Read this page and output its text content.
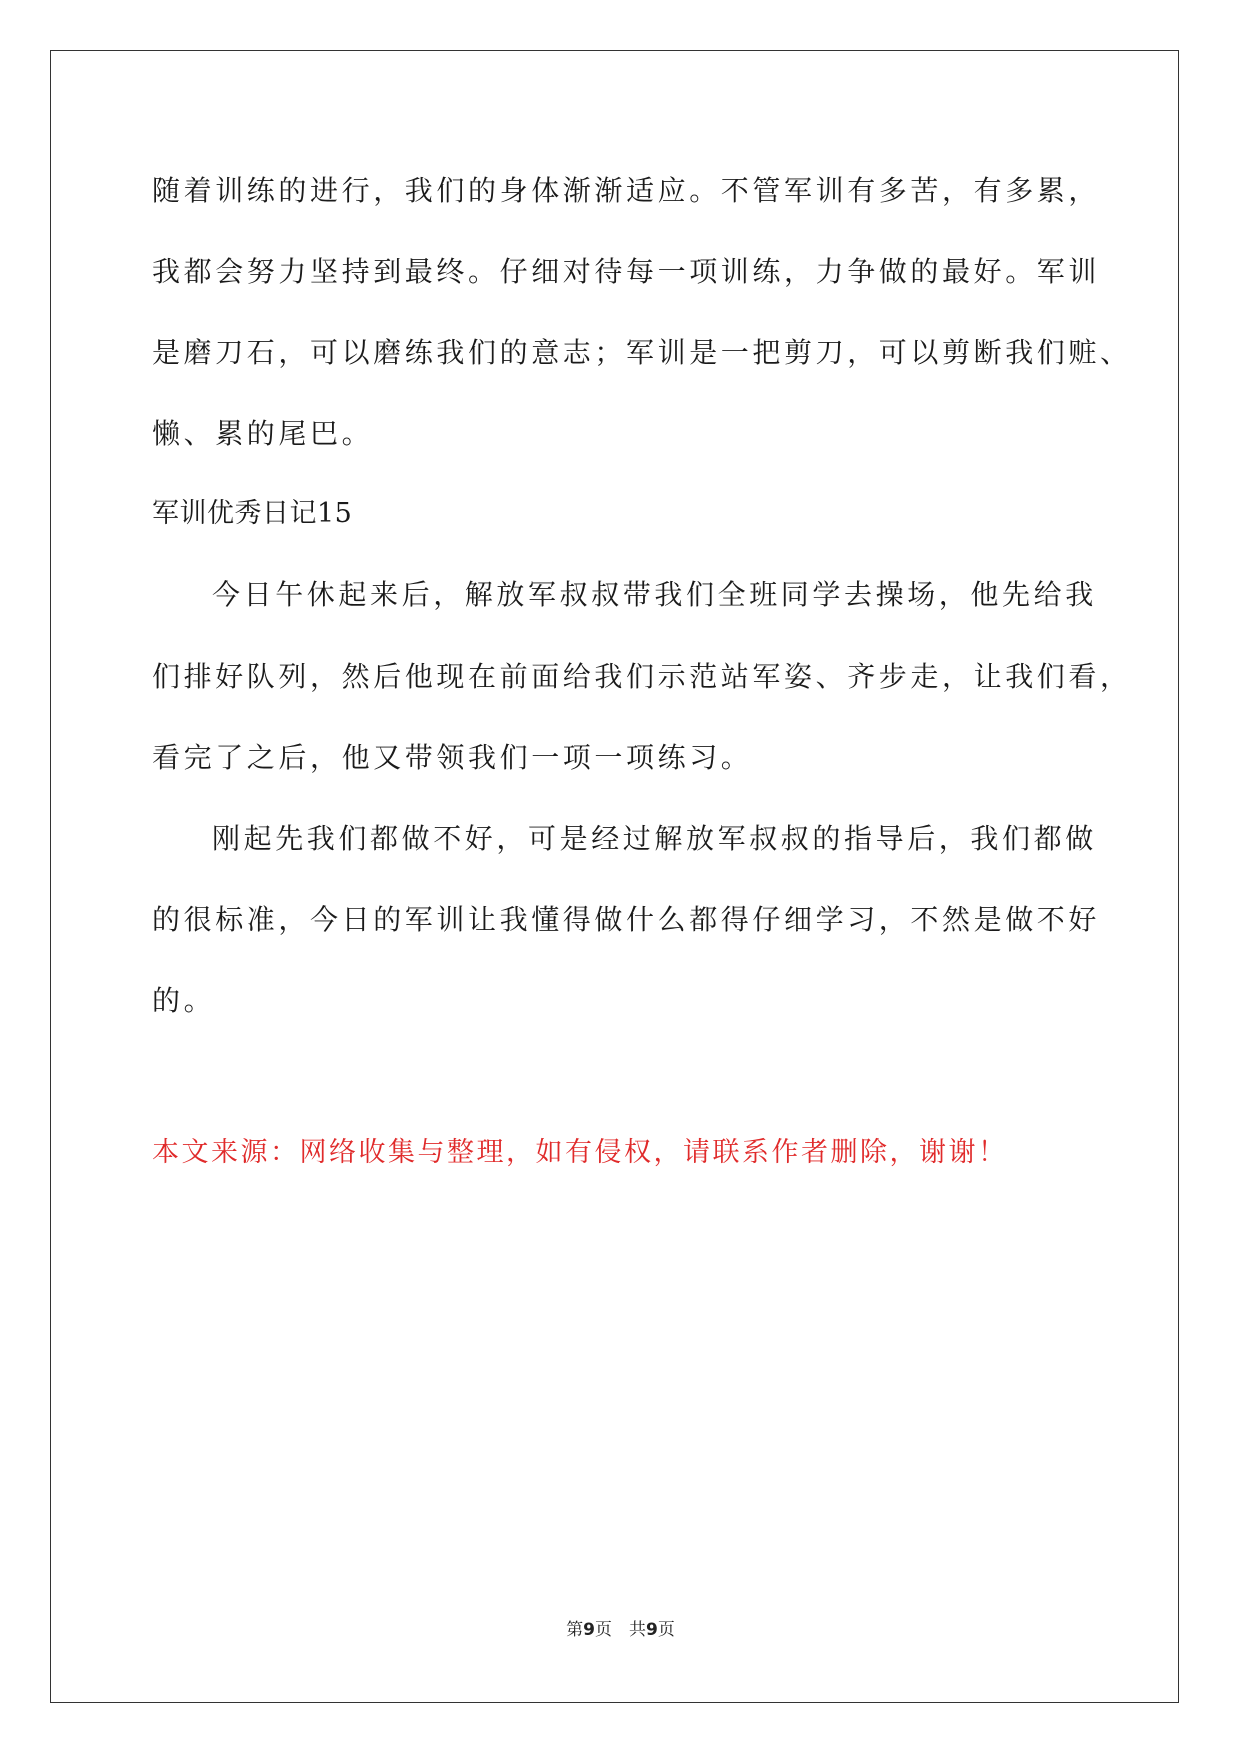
随着训练的进行，我们的身体渐渐适应。不管军训有多苦，有多累，
我都会努力坚持到最终。仔细对待每一项训练，力争做的最好。军训
是磨刀石，可以磨练我们的意志；军训是一把剪刀，可以剪断我们赃、
懒、累的尾巴。
军训优秀日记15
今日午休起来后，解放军叔叔带我们全班同学去操场，他先给我
们排好队列，然后他现在前面给我们示范站军姿、齐步走，让我们看，
看完了之后，他又带领我们一项一项练习。
刚起先我们都做不好，可是经过解放军叔叔的指导后，我们都做
的很标准，今日的军训让我懂得做什么都得仔细学习，不然是做不好
的。
本文来源：网络收集与整理，如有侵权，请联系作者删除，谢谢！
第9页　共9页
